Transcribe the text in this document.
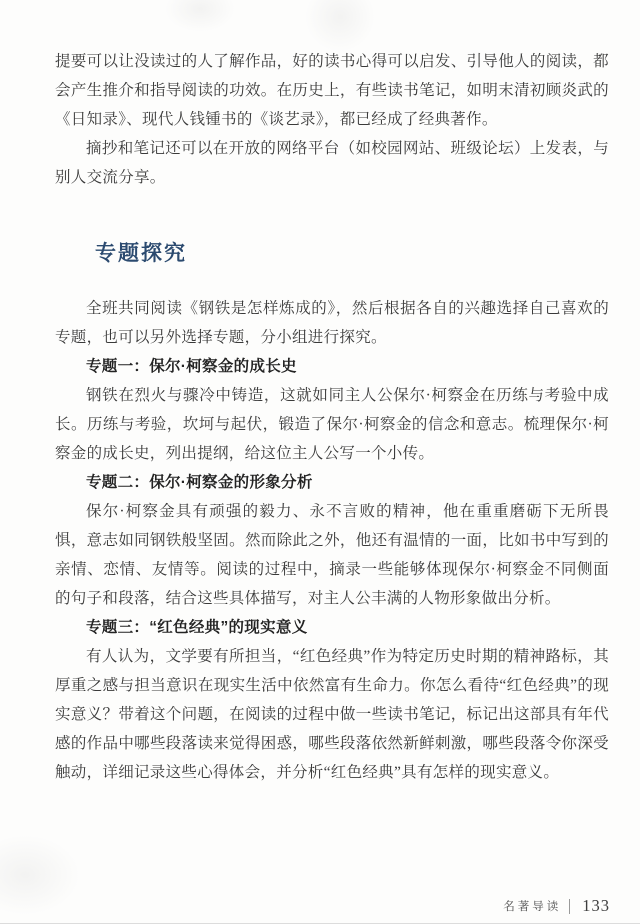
提要可以让没读过的人了解作品，好的读书心得可以启发、引导他人的阅读，都会产生推介和指导阅读的功效。在历史上，有些读书笔记，如明末清初顾炎武的《日知录》、现代人钱锺书的《谈艺录》，都已经成了经典著作。

摘抄和笔记还可以在开放的网络平台（如校园网站、班级论坛）上发表，与别人交流分享。

专题探究

全班共同阅读《钢铁是怎样炼成的》，然后根据各自的兴趣选择自己喜欢的专题，也可以另外选择专题，分小组进行探究。

专题一：保尔·柯察金的成长史

钢铁在烈火与骤冷中铸造，这就如同主人公保尔·柯察金在历练与考验中成长。历练与考验，坎坷与起伏，锻造了保尔·柯察金的信念和意志。梳理保尔·柯察金的成长史，列出提纲，给这位主人公写一个小传。

专题二：保尔·柯察金的形象分析

保尔·柯察金具有顽强的毅力、永不言败的精神，他在重重磨砺下无所畏惧，意志如同钢铁般坚固。然而除此之外，他还有温情的一面，比如书中写到的亲情、恋情、友情等。阅读的过程中，摘录一些能够体现保尔·柯察金不同侧面的句子和段落，结合这些具体描写，对主人公丰满的人物形象做出分析。

专题三：“红色经典”的现实意义

有人认为，文学要有所担当，“红色经典”作为特定历史时期的精神路标，其厚重之感与担当意识在现实生活中依然富有生命力。你怎么看待“红色经典”的现实意义？带着这个问题，在阅读的过程中做一些读书笔记，标记出这部具有年代感的作品中哪些段落读来觉得困惑，哪些段落依然新鲜刺激，哪些段落令你深受触动，详细记录这些心得体会，并分析“红色经典”具有怎样的现实意义。

名著导读 133
